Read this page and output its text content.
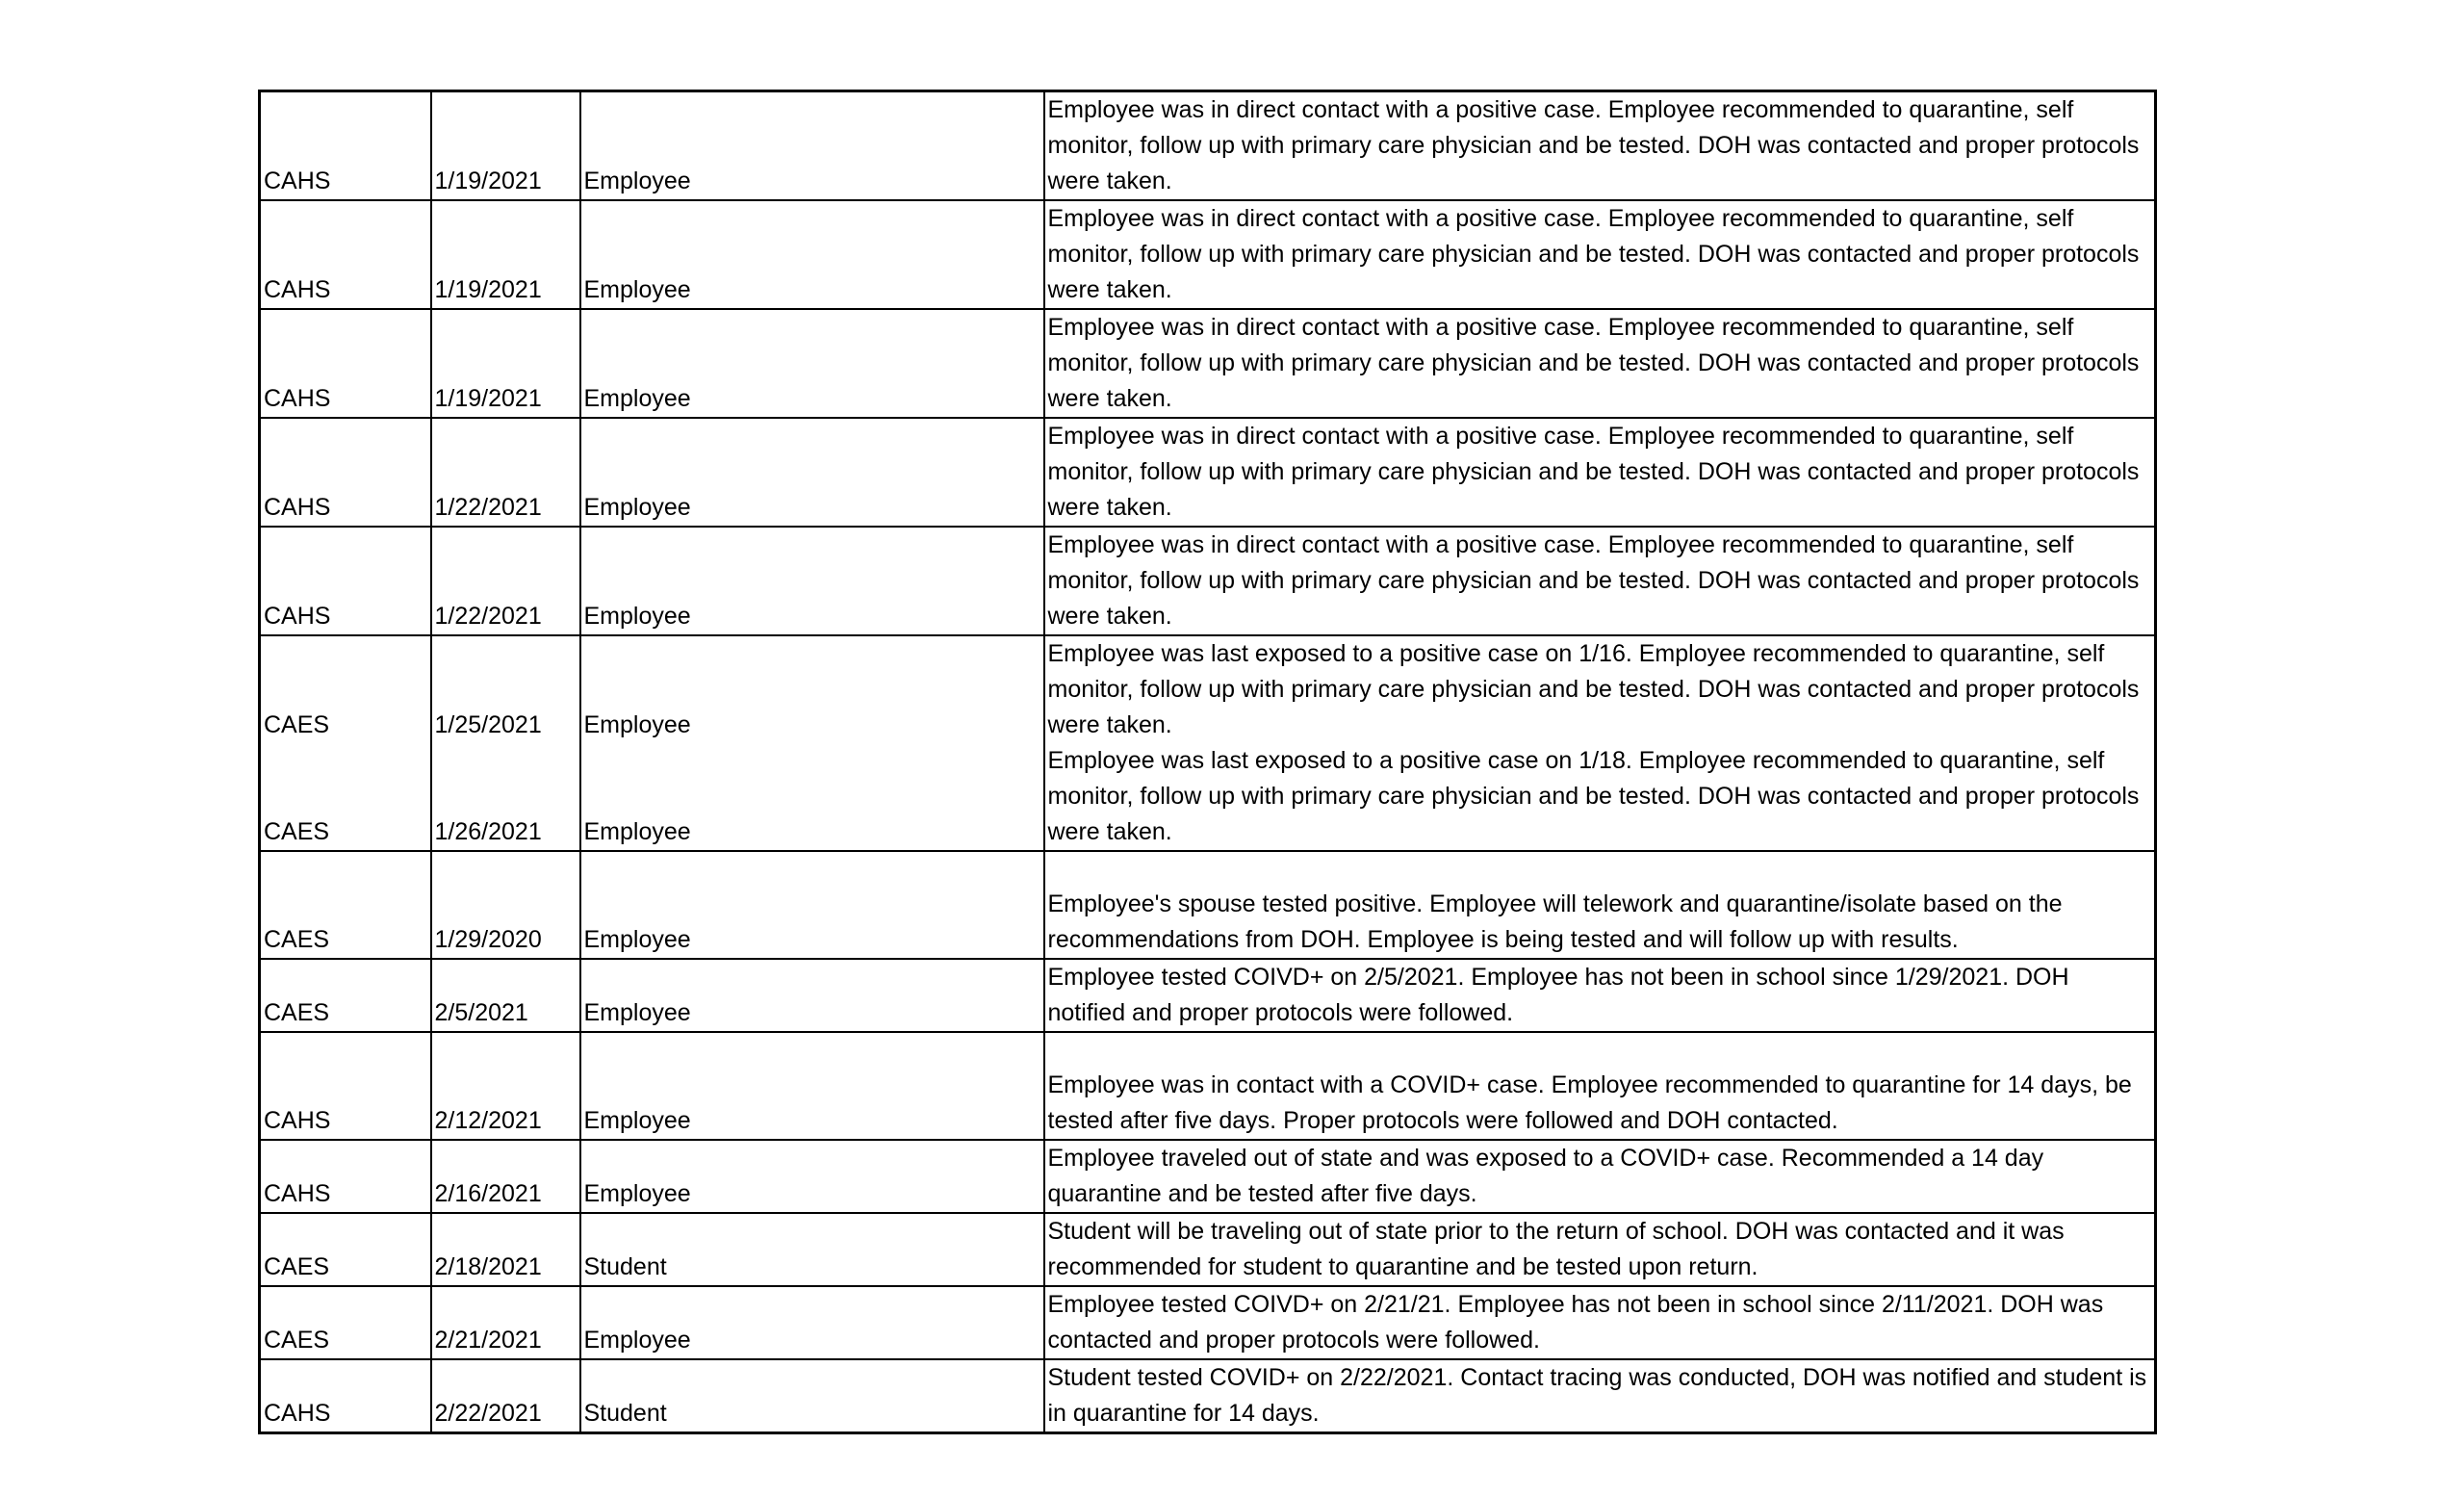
CAHS	1/19/2021	Employee	Employee was in direct contact with a positive case. Employee recommended to quarantine, self monitor, follow up with primary care physician and be tested. DOH was contacted and proper protocols were taken.
CAHS	1/19/2021	Employee	Employee was in direct contact with a positive case. Employee recommended to quarantine, self monitor, follow up with primary care physician and be tested. DOH was contacted and proper protocols were taken.
CAHS	1/19/2021	Employee	Employee was in direct contact with a positive case. Employee recommended to quarantine, self monitor, follow up with primary care physician and be tested. DOH was contacted and proper protocols were taken.
CAHS	1/22/2021	Employee	Employee was in direct contact with a positive case. Employee recommended to quarantine, self monitor, follow up with primary care physician and be tested. DOH was contacted and proper protocols were taken.
CAHS	1/22/2021	Employee	Employee was in direct contact with a positive case. Employee recommended to quarantine, self monitor, follow up with primary care physician and be tested. DOH was contacted and proper protocols were taken.
CAES	1/25/2021	Employee	Employee was last exposed to a positive case on 1/16. Employee recommended to quarantine, self monitor, follow up with primary care physician and be tested. DOH was contacted and proper protocols were taken.
CAES	1/26/2021	Employee	Employee was last exposed to a positive case on 1/18. Employee recommended to quarantine, self monitor, follow up with primary care physician and be tested. DOH was contacted and proper protocols were taken.
CAES	1/29/2020	Employee	Employee's spouse tested positive. Employee will telework and quarantine/isolate based on the recommendations from DOH. Employee is being tested and will follow up with results.
CAES	2/5/2021	Employee	Employee tested COIVD+ on 2/5/2021. Employee has not been in school since 1/29/2021. DOH notified and proper protocols were followed.
CAHS	2/12/2021	Employee	Employee was in contact with a COVID+ case. Employee recommended to quarantine for 14 days, be tested after five days. Proper protocols were followed and DOH contacted.
CAHS	2/16/2021	Employee	Employee traveled out of state and was exposed to a COVID+ case. Recommended a 14 day quarantine and be tested after five days.
CAES	2/18/2021	Student	Student will be traveling out of state prior to the return of school. DOH was contacted and it was recommended for student to quarantine and be tested upon return.
CAES	2/21/2021	Employee	Employee tested COIVD+ on 2/21/21. Employee has not been in school since 2/11/2021. DOH was contacted and proper protocols were followed.
CAHS	2/22/2021	Student	Student tested COVID+ on 2/22/2021. Contact tracing was conducted, DOH was notified and student is in quarantine for 14 days.
